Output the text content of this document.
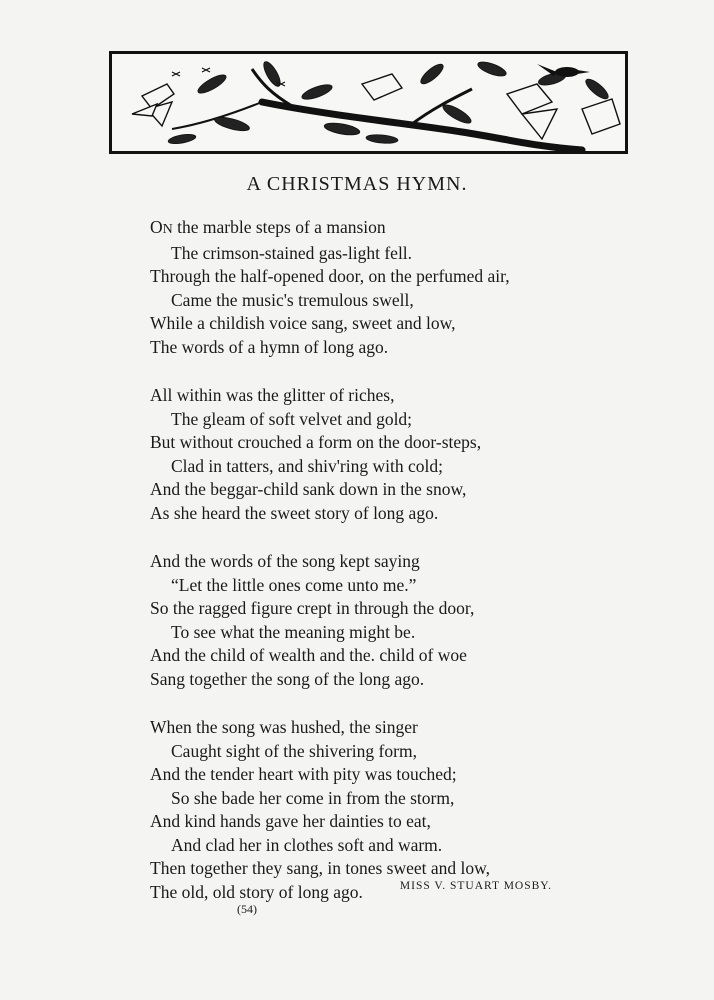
A CHRISTMAS HYMN.
ON the marble steps of a mansion
The crimson-stained gas-light fell.
Through the half-opened door, on the perfumed air,
Came the music's tremulous swell,
While a childish voice sang, sweet and low,
The words of a hymn of long ago.
All within was the glitter of riches,
The gleam of soft velvet and gold;
But without crouched a form on the door-steps,
Clad in tatters, and shiv'ring with cold;
And the beggar-child sank down in the snow,
As she heard the sweet story of long ago.
And the words of the song kept saying
“Let the little ones come unto me.”
So the ragged figure crept in through the door,
To see what the meaning might be.
And the child of wealth and the. child of woe
Sang together the song of the long ago.
When the song was hushed, the singer
Caught sight of the shivering form,
And the tender heart with pity was touched;
So she bade her come in from the storm,
And kind hands gave her dainties to eat,
And clad her in clothes soft and warm.
Then together they sang, in tones sweet and low,
The old, old story of long ago.	MISS V. STUART MOSBY.
(54)
